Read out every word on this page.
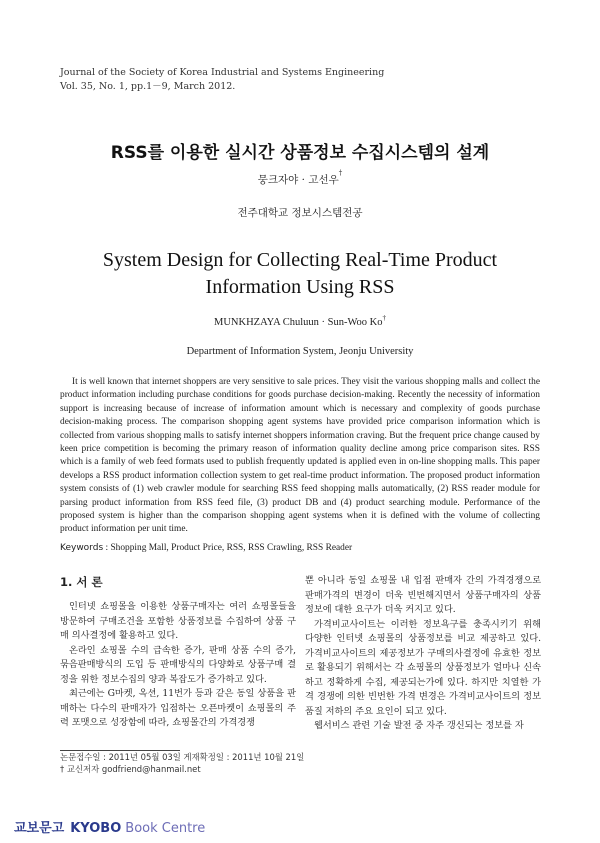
Journal of the Society of Korea Industrial and Systems Engineering
Vol. 35, No. 1, pp.1－9, March 2012.
RSS를 이용한 실시간 상품정보 수집시스템의 설계
뭉크자야 · 고선우†
전주대학교 정보시스템전공
System Design for Collecting Real-Time Product
Information Using RSS
MUNKHZAYA Chuluun · Sun-Woo Ko†
Department of Information System, Jeonju University
It is well known that internet shoppers are very sensitive to sale prices. They visit the various shopping malls and collect the product information including purchase conditions for goods purchase decision-making. Recently the necessity of information support is increasing because of increase of information amount which is necessary and complexity of goods purchase decision-making process. The comparison shopping agent systems have provided price comparison information which is collected from various shopping malls to satisfy internet shoppers information craving. But the frequent price change caused by keen price competition is becoming the primary reason of information quality decline among price comparison sites. RSS which is a family of web feed formats used to publish frequently updated is applied even in on-line shopping malls. This paper develops a RSS product information collection system to get real-time product information. The proposed product information system consists of (1) web crawler module for searching RSS feed shopping malls automatically, (2) RSS reader module for parsing product information from RSS feed file, (3) product DB and (4) product searching module. Performance of the proposed system is higher than the comparison shopping agent systems when it is defined with the volume of collecting product information per unit time.
Keywords : Shopping Mall, Product Price, RSS, RSS Crawling, RSS Reader
1. 서 론

인터넷 쇼핑몰을 이용한 상품구매자는 여러 쇼핑몰들을 방문하여 구매조건을 포함한 상품정보를 수집하여 상품 구매 의사결정에 활용하고 있다.

온라인 쇼핑몰 수의 급속한 증가, 판매 상품 수의 증가, 묶음판매방식의 도입 등 판매방식의 다양화로 상품구매 결정을 위한 정보수집의 양과 복잡도가 증가하고 있다.

최근에는 G마켓, 옥션, 11번가 등과 같은 동일 상품을 판매하는 다수의 판매자가 입점하는 오픈마켓이 쇼핑몰의 주력 포맷으로 성장함에 따라, 쇼핑몰간의 가격경쟁

뿐 아니라 동일 쇼핑몰 내 입점 판매자 간의 가격경쟁으로 판매가격의 변경이 더욱 빈번해지면서 상품구매자의 상품정보에 대한 요구가 더욱 커지고 있다.

가격비교사이트는 이러한 정보욕구를 충족시키기 위해 다양한 인터넷 쇼핑몰의 상품정보를 비교 제공하고 있다. 가격비교사이트의 제공정보가 구매의사결정에 유효한 정보로 활용되기 위해서는 각 쇼핑몰의 상품정보가 얼마나 신속하고 정확하게 수집, 제공되는가에 있다. 하지만 치열한 가격 경쟁에 의한 빈번한 가격 변경은 가격비교사이트의 정보품질 저하의 주요 요인이 되고 있다.

웹서비스 관련 기술 발전 중 자주 갱신되는 정보를 자

논문접수일 : 2011년 05월 03일 게재확정일 : 2011년 10월 21일
† 교신저자 godfriend@hanmail.net
교보문고 KYOBO Book Centre
